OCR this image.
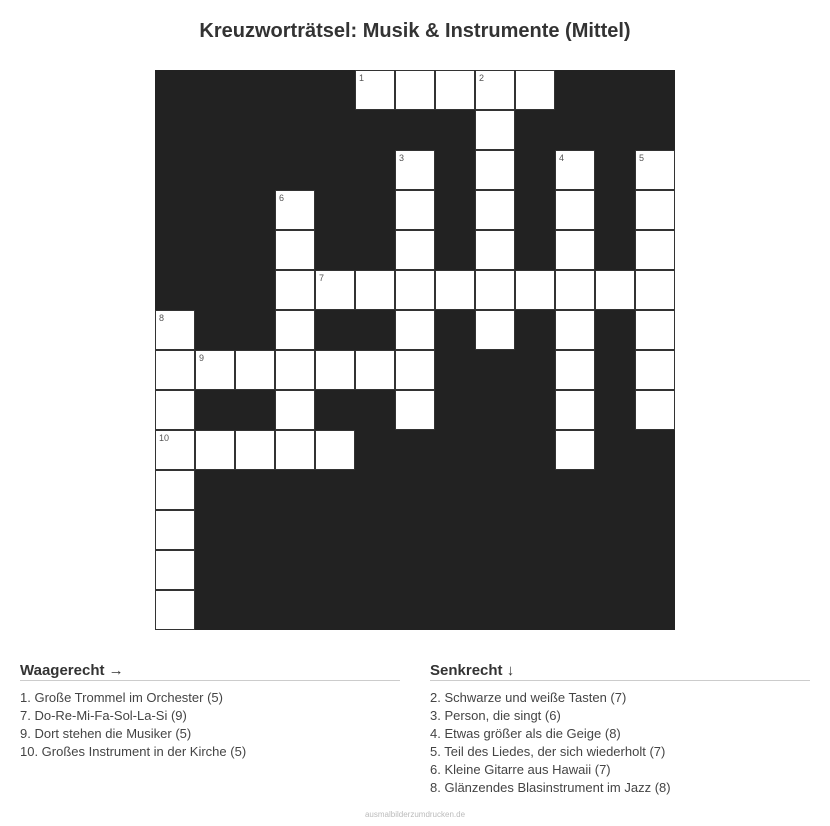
Kreuzworträtsel: Musik & Instrumente (Mittel)
1	2
3	4	5
6
7
8
9
10
Waagerecht →
1. Große Trommel im Orchester (5)
7. Do-Re-Mi-Fa-Sol-La-Si (9)
9. Dort stehen die Musiker (5)
10. Großes Instrument in der Kirche (5)
Senkrecht ↓
2. Schwarze und weiße Tasten (7)
3. Person, die singt (6)
4. Etwas größer als die Geige (8)
5. Teil des Liedes, der sich wiederholt (7)
6. Kleine Gitarre aus Hawaii (7)
8. Glänzendes Blasinstrument im Jazz (8)
ausmalbilderzumdrucken.de
